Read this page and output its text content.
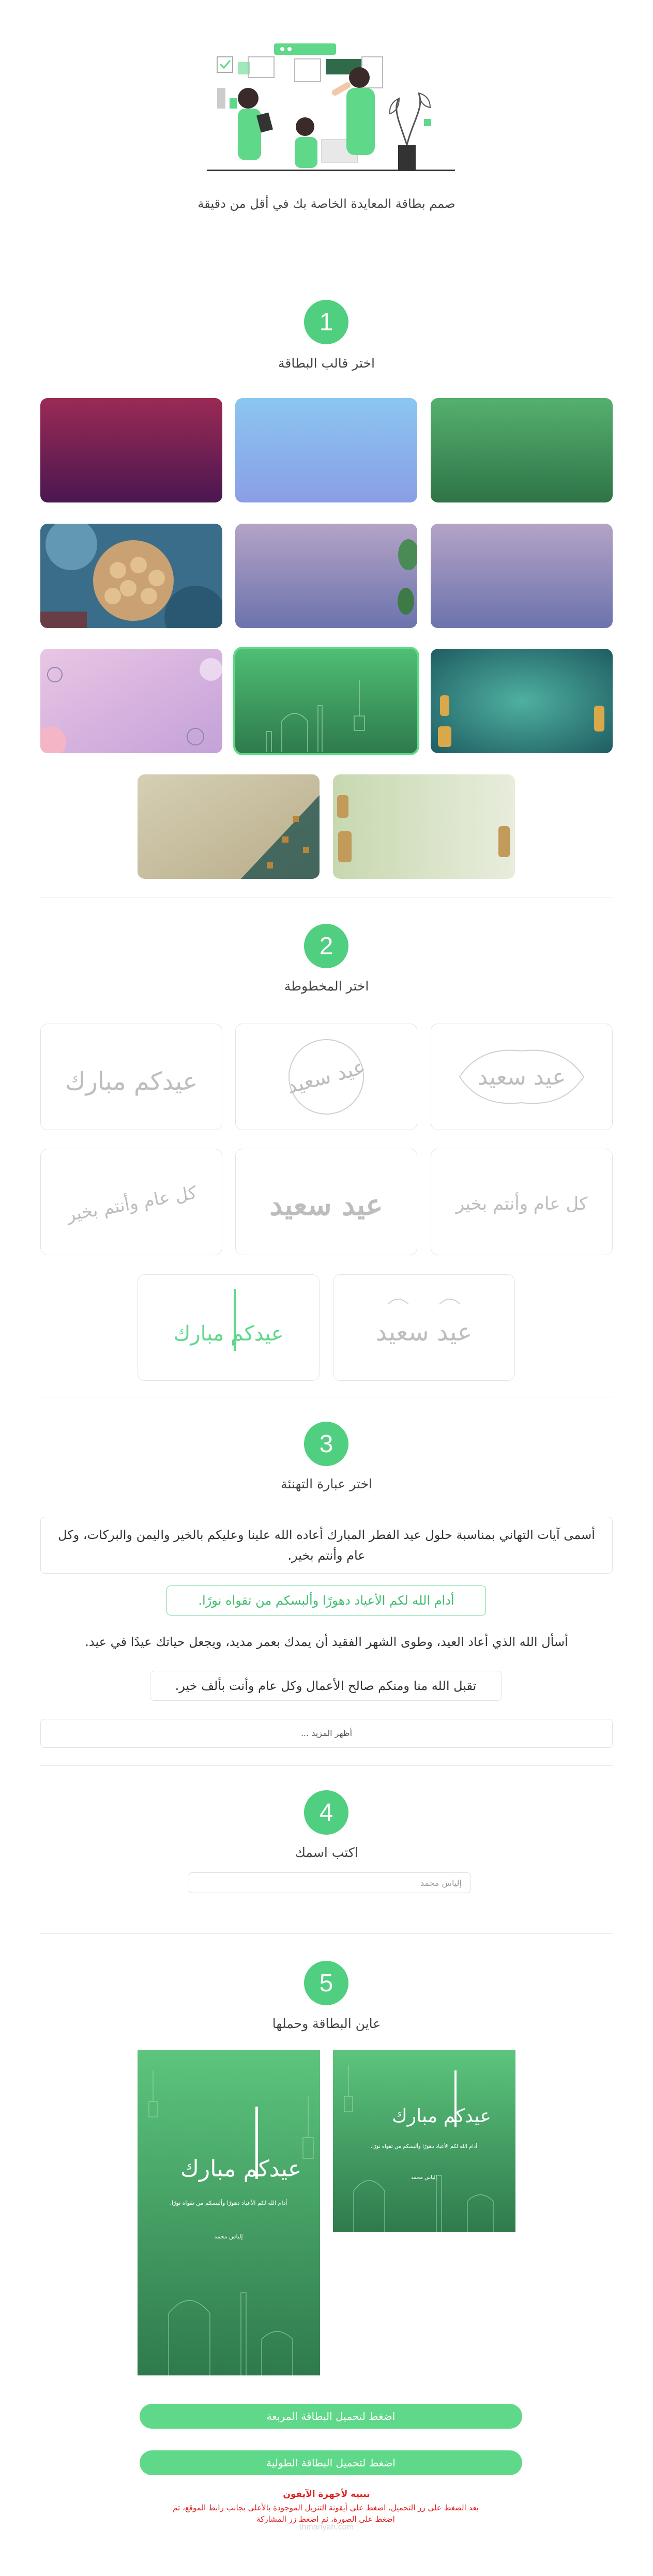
صمم بطاقة المعايدة الخاصة بك في أقل من دقيقة
1
اختر قالب البطاقة
2
اختر المخطوطة
عيد سعيد
عيد سعيد
عيدكم مبارك
كل عام وأنتم بخير
عيد سعيد
كل عام وأنتم بخير
عيد سعيد
عيدكم مبارك
3
اختر عبارة التهنئة
أسمى آيات التهاني بمناسبة حلول عيد الفطر المبارك أعاده الله علينا وعليكم بالخير واليمن والبركات، وكل عام وأنتم بخير.
أدام الله لكم الأعياد دهورًا وألبسكم من تقواه نورًا.
أسأل الله الذي أعاد العيد، وطوى الشهر الفقيد أن يمدك بعمر مديد، ويجعل حياتك عيدًا في عيد.
تقبل الله منا ومنكم صالح الأعمال وكل عام وأنت بألف خير.
أظهر المزيد ...
4
اكتب اسمك
إلياس محمد
5
عاين البطاقة وحملها
عيدكم مبارك
أدام الله لكم الأعياد دهورًا وألبسكم من تقواه نورًا.
إلياس محمد
عيدكم مبارك
أدام الله لكم الأعياد دهورًا وألبسكم من تقواه نورًا.
إلياس محمد
اضغط لتحميل البطاقة المربعة
اضغط لتحميل البطاقة الطولية
تنبيه لأجهزة الآيفون
بعد الضغط على زر التحميل، اضغط على أيقونة التنزيل الموجودة بالأعلى بجانب رابط الموقع، ثم اضغط على الصورة، ثم اضغط زر المشاركة
thmanyah.com
